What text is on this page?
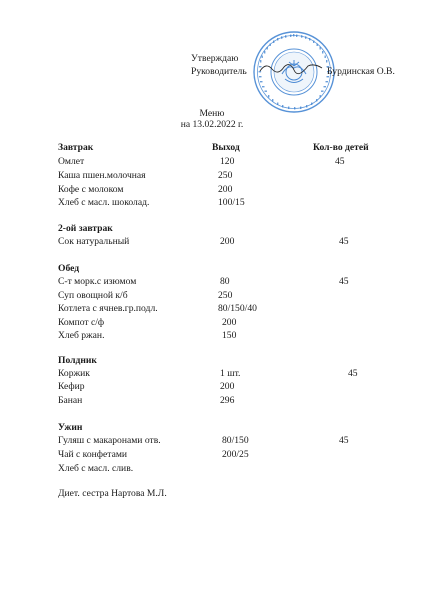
Утверждаю
Руководитель	Бурдинская О.В.
Меню
на 13.02.2022 г.
Завтрак	Выход	Кол-во детей
Омлет	120	45
Каша пшен.молочная	250
Кофе с молоком	200
Хлеб с масл. шоколад.	100/15
2-ой завтрак
Сок натуральный	200	45
Обед
С-т морк.с изюмом	80	45
Суп овощной к/б	250
Котлета с ячнев.гр.подл.	80/150/40
Компот с/ф	200
Хлеб ржан.	150
Полдник
Коржик	1 шт.	45
Кефир	200
Банан	296
Ужин
Гуляш с макаронами отв.	80/150	45
Чай с конфетами	200/25
Хлеб с масл. слив.
Диет. сестра Нартова М.Л.
